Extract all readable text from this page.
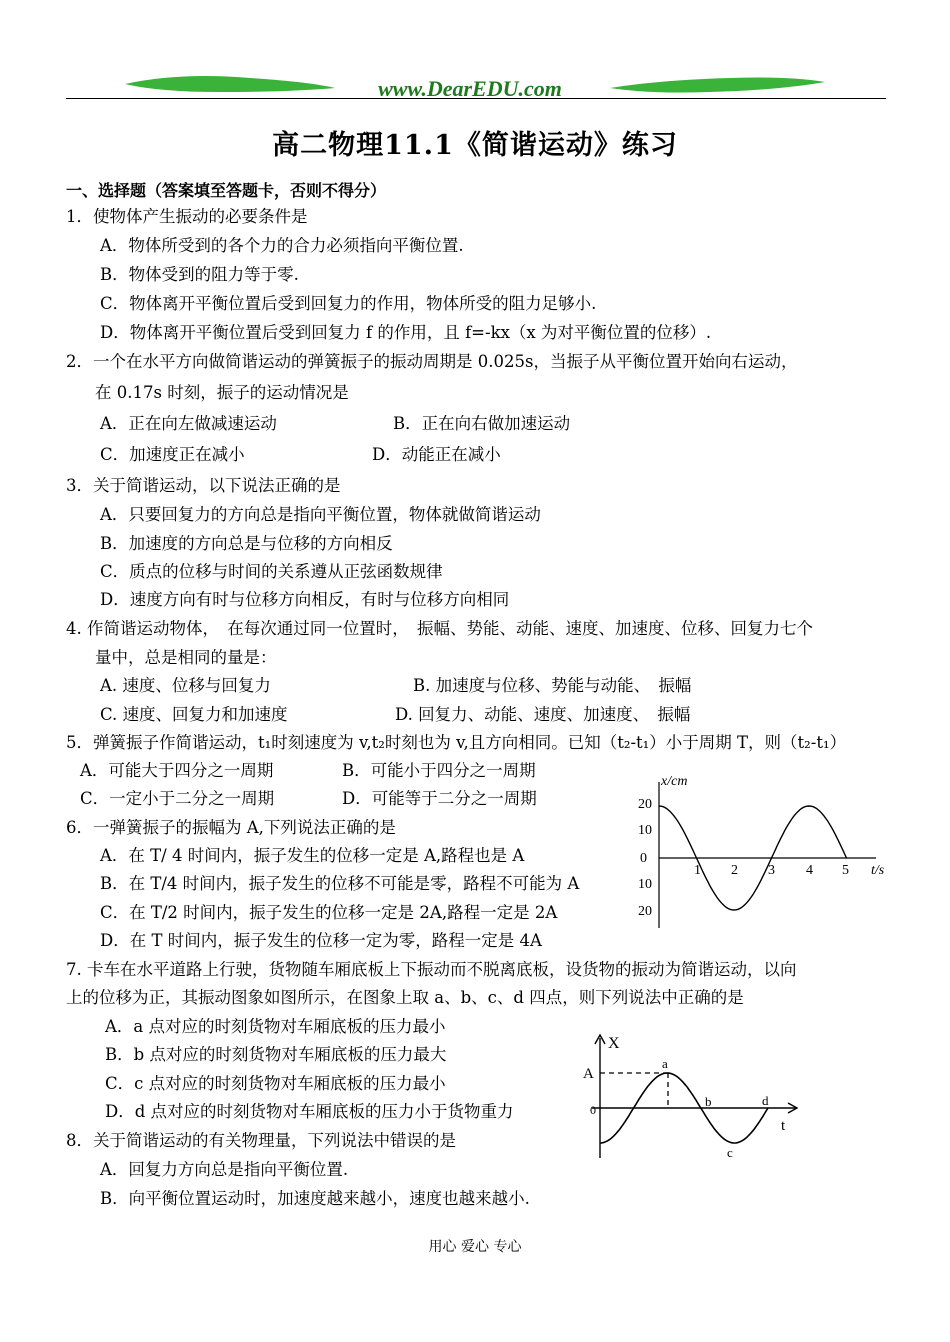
www.DearEDU.com
高二物理11.1《简谐运动》练习
一、选择题（答案填至答题卡，否则不得分）
1．使物体产生振动的必要条件是
A．物体所受到的各个力的合力必须指向平衡位置.
B．物体受到的阻力等于零.
C．物体离开平衡位置后受到回复力的作用，物体所受的阻力足够小.
D．物体离开平衡位置后受到回复力 f 的作用，且 f=-kx（x 为对平衡位置的位移）.
2．一个在水平方向做简谐运动的弹簧振子的振动周期是 0.025s，当振子从平衡位置开始向右运动，
在 0.17s 时刻，振子的运动情况是
A．正在向左做减速运动	B．正在向右做加速运动
C．加速度正在减小	D．动能正在减小
3．关于简谐运动，以下说法正确的是
A．只要回复力的方向总是指向平衡位置，物体就做简谐运动
B．加速度的方向总是与位移的方向相反
C．质点的位移与时间的关系遵从正弦函数规律
D．速度方向有时与位移方向相反，有时与位移方向相同
4. 作简谐运动物体，　在每次通过同一位置时，　振幅、势能、动能、速度、加速度、位移、回复力七个
量中，总是相同的量是：
A. 速度、位移与回复力	B. 加速度与位移、势能与动能、　振幅
C. 速度、回复力和加速度	D. 回复力、动能、速度、加速度、　振幅
5．弹簧振子作简谐运动，t₁时刻速度为 v,t₂时刻也为 v,且方向相同。已知（t₂-t₁）小于周期 T，则（t₂-t₁）
A．可能大于四分之一周期	B．可能小于四分之一周期
C．一定小于二分之一周期	D．可能等于二分之一周期
6．一弹簧振子的振幅为 A,下列说法正确的是
A．在 T/ 4 时间内，振子发生的位移一定是 A,路程也是 A
B．在 T/4 时间内，振子发生的位移不可能是零，路程不可能为 A
C．在 T/2 时间内，振子发生的位移一定是 2A,路程一定是 2A
D．在 T 时间内，振子发生的位移一定为零，路程一定是 4A
x/cm
t/s
20
10
0
10
20
1 2 3 4 5
7. 卡车在水平道路上行驶，货物随车厢底板上下振动而不脱离底板，设货物的振动为简谐运动，以向
上的位移为正，其振动图象如图所示，在图象上取 a、b、c、d 四点，则下列说法中正确的是
A．a 点对应的时刻货物对车厢底板的压力最小
B．b 点对应的时刻货物对车厢底板的压力最大
C．c 点对应的时刻货物对车厢底板的压力最小
D．d 点对应的时刻货物对车厢底板的压力小于货物重力
X
t
A
0
a
b
c
d
8．关于简谐运动的有关物理量，下列说法中错误的是
A．回复力方向总是指向平衡位置.
B．向平衡位置运动时，加速度越来越小，速度也越来越小.
用心 爱心 专心
